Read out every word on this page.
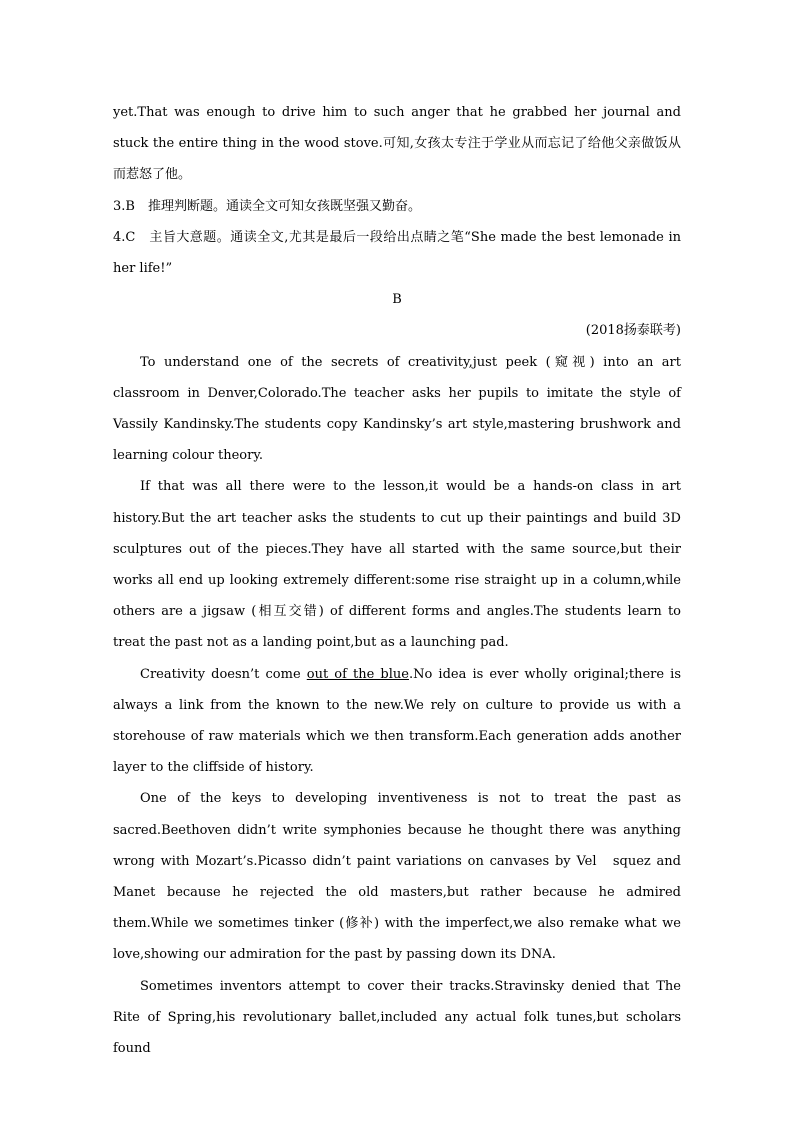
yet.That was enough to drive him to such anger that he grabbed her journal and stuck the entire thing in the wood stove.可知,女孩太专注于学业从而忘记了给他父亲做饭从而惹怒了他。

3.B　推理判断题。通读全文可知女孩既坚强又勤奋。

4.C　主旨大意题。通读全文,尤其是最后一段给出点睛之笔“She made the best lemonade in her life!”

B

(2018扬泰联考)

To understand one of the secrets of creativity,just peek (窥视) into an art classroom in Denver,Colorado.The teacher asks her pupils to imitate the style of Vassily Kandinsky.The students copy Kandinsky’s art style,mastering brushwork and learning colour theory.

If that was all there were to the lesson,it would be a hands-on class in art history.But the art teacher asks the students to cut up their paintings and build 3D sculptures out of the pieces.They have all started with the same source,but their works all end up looking extremely different:some rise straight up in a column,while others are a jigsaw (相互交错) of different forms and angles.The students learn to treat the past not as a landing point,but as a launching pad.

Creativity doesn’t come out of the blue.No idea is ever wholly original;there is always a link from the known to the new.We rely on culture to provide us with a storehouse of raw materials which we then transform.Each generation adds another layer to the cliffside of history.

One of the keys to developing inventiveness is not to treat the past as sacred.Beethoven didn’t write symphonies because he thought there was anything wrong with Mozart’s.Picasso didn’t paint variations on canvases by Vel　squez and Manet because he rejected the old masters,but rather because he admired them.While we sometimes tinker (修补) with the imperfect,we also remake what we love,showing our admiration for the past by passing down its DNA.

Sometimes inventors attempt to cover their tracks.Stravinsky denied that The Rite of Spring,his revolutionary ballet,included any actual folk tunes,but scholars found
